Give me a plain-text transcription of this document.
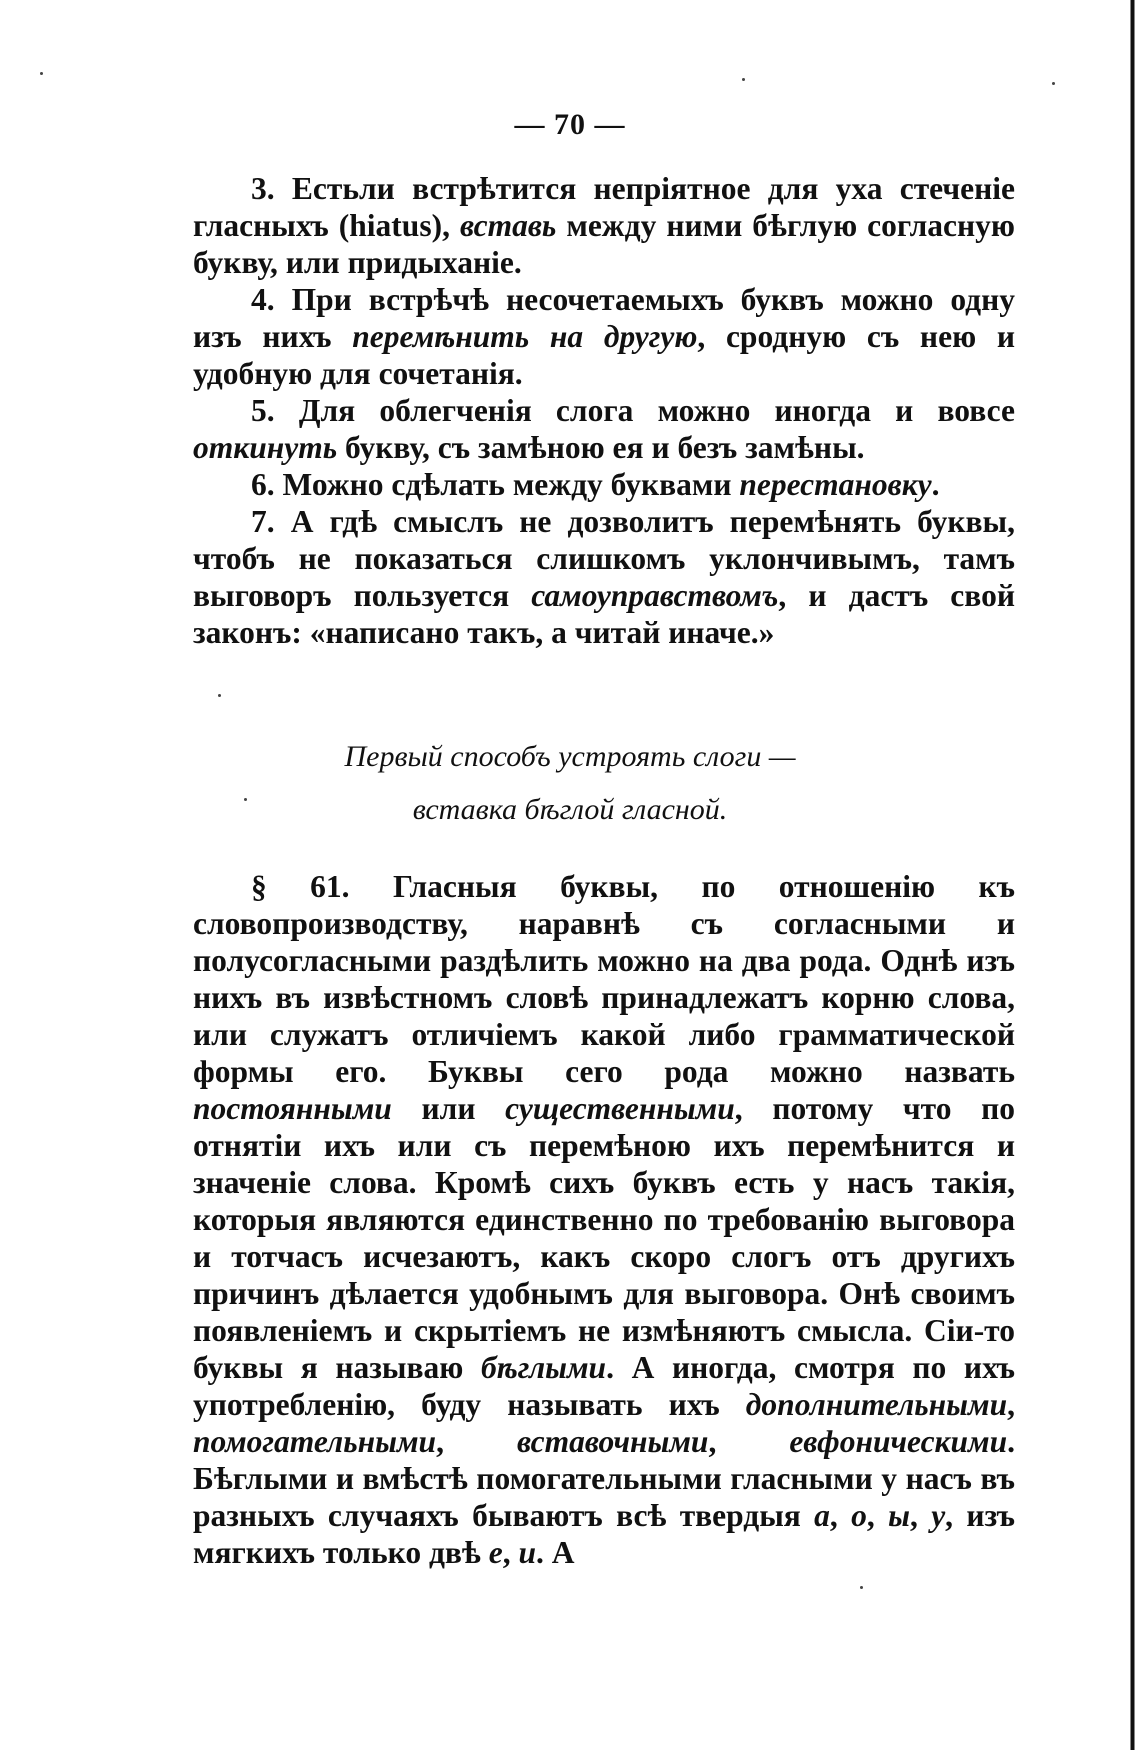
— 70 —

3. Естьли встрѣтится непріятное для уха стеченіе гласныхъ (hiatus), вставь между ними бѣглую согласную букву, или придыханіе.

4. При встрѣчѣ несочетаемыхъ буквъ можно одну изъ нихъ перемѣнить на другую, сродную съ нею и удобную для сочетанія.

5. Для облегченія слога можно иногда и вовсе откинуть букву, съ замѣною ея и безъ замѣны.

6. Можно сдѣлать между буквами перестановку.

7. А гдѣ смыслъ не дозволитъ перемѣнять буквы, чтобъ не показаться слишкомъ уклончивымъ, тамъ выговоръ пользуется самоуправствомъ, и дастъ свой законъ: «написано такъ, а читай иначе.»

Первый способъ устроять слоги —
вставка бѣглой гласной.

§ 61. Гласныя буквы, по отношенію къ словопроизводству, наравнѣ съ согласными и полусогласными раздѣлить можно на два рода. Однѣ изъ нихъ въ извѣстномъ словѣ принадлежатъ корню слова, или служатъ отличіемъ какой либо грамматической формы его. Буквы сего рода можно назвать постоянными или существенными, потому что по отнятіи ихъ или съ перемѣною ихъ перемѣнится и значеніе слова. Кромѣ сихъ буквъ есть у насъ такія, которыя являются единственно по требованію выговора и тотчасъ исчезаютъ, какъ скоро слогъ отъ другихъ причинъ дѣлается удобнымъ для выговора. Онѣ своимъ появленіемъ и скрытіемъ не измѣняютъ смысла. Сіи-то буквы я называю бѣглыми. А иногда, смотря по ихъ употребленію, буду называть ихъ дополнительными, помогательными, вставочными, евфоническими. Бѣглыми и вмѣстѣ помогательными гласными у насъ въ разныхъ случаяхъ бываютъ всѣ твердыя а, о, ы, у, изъ мягкихъ только двѣ е, и. А
